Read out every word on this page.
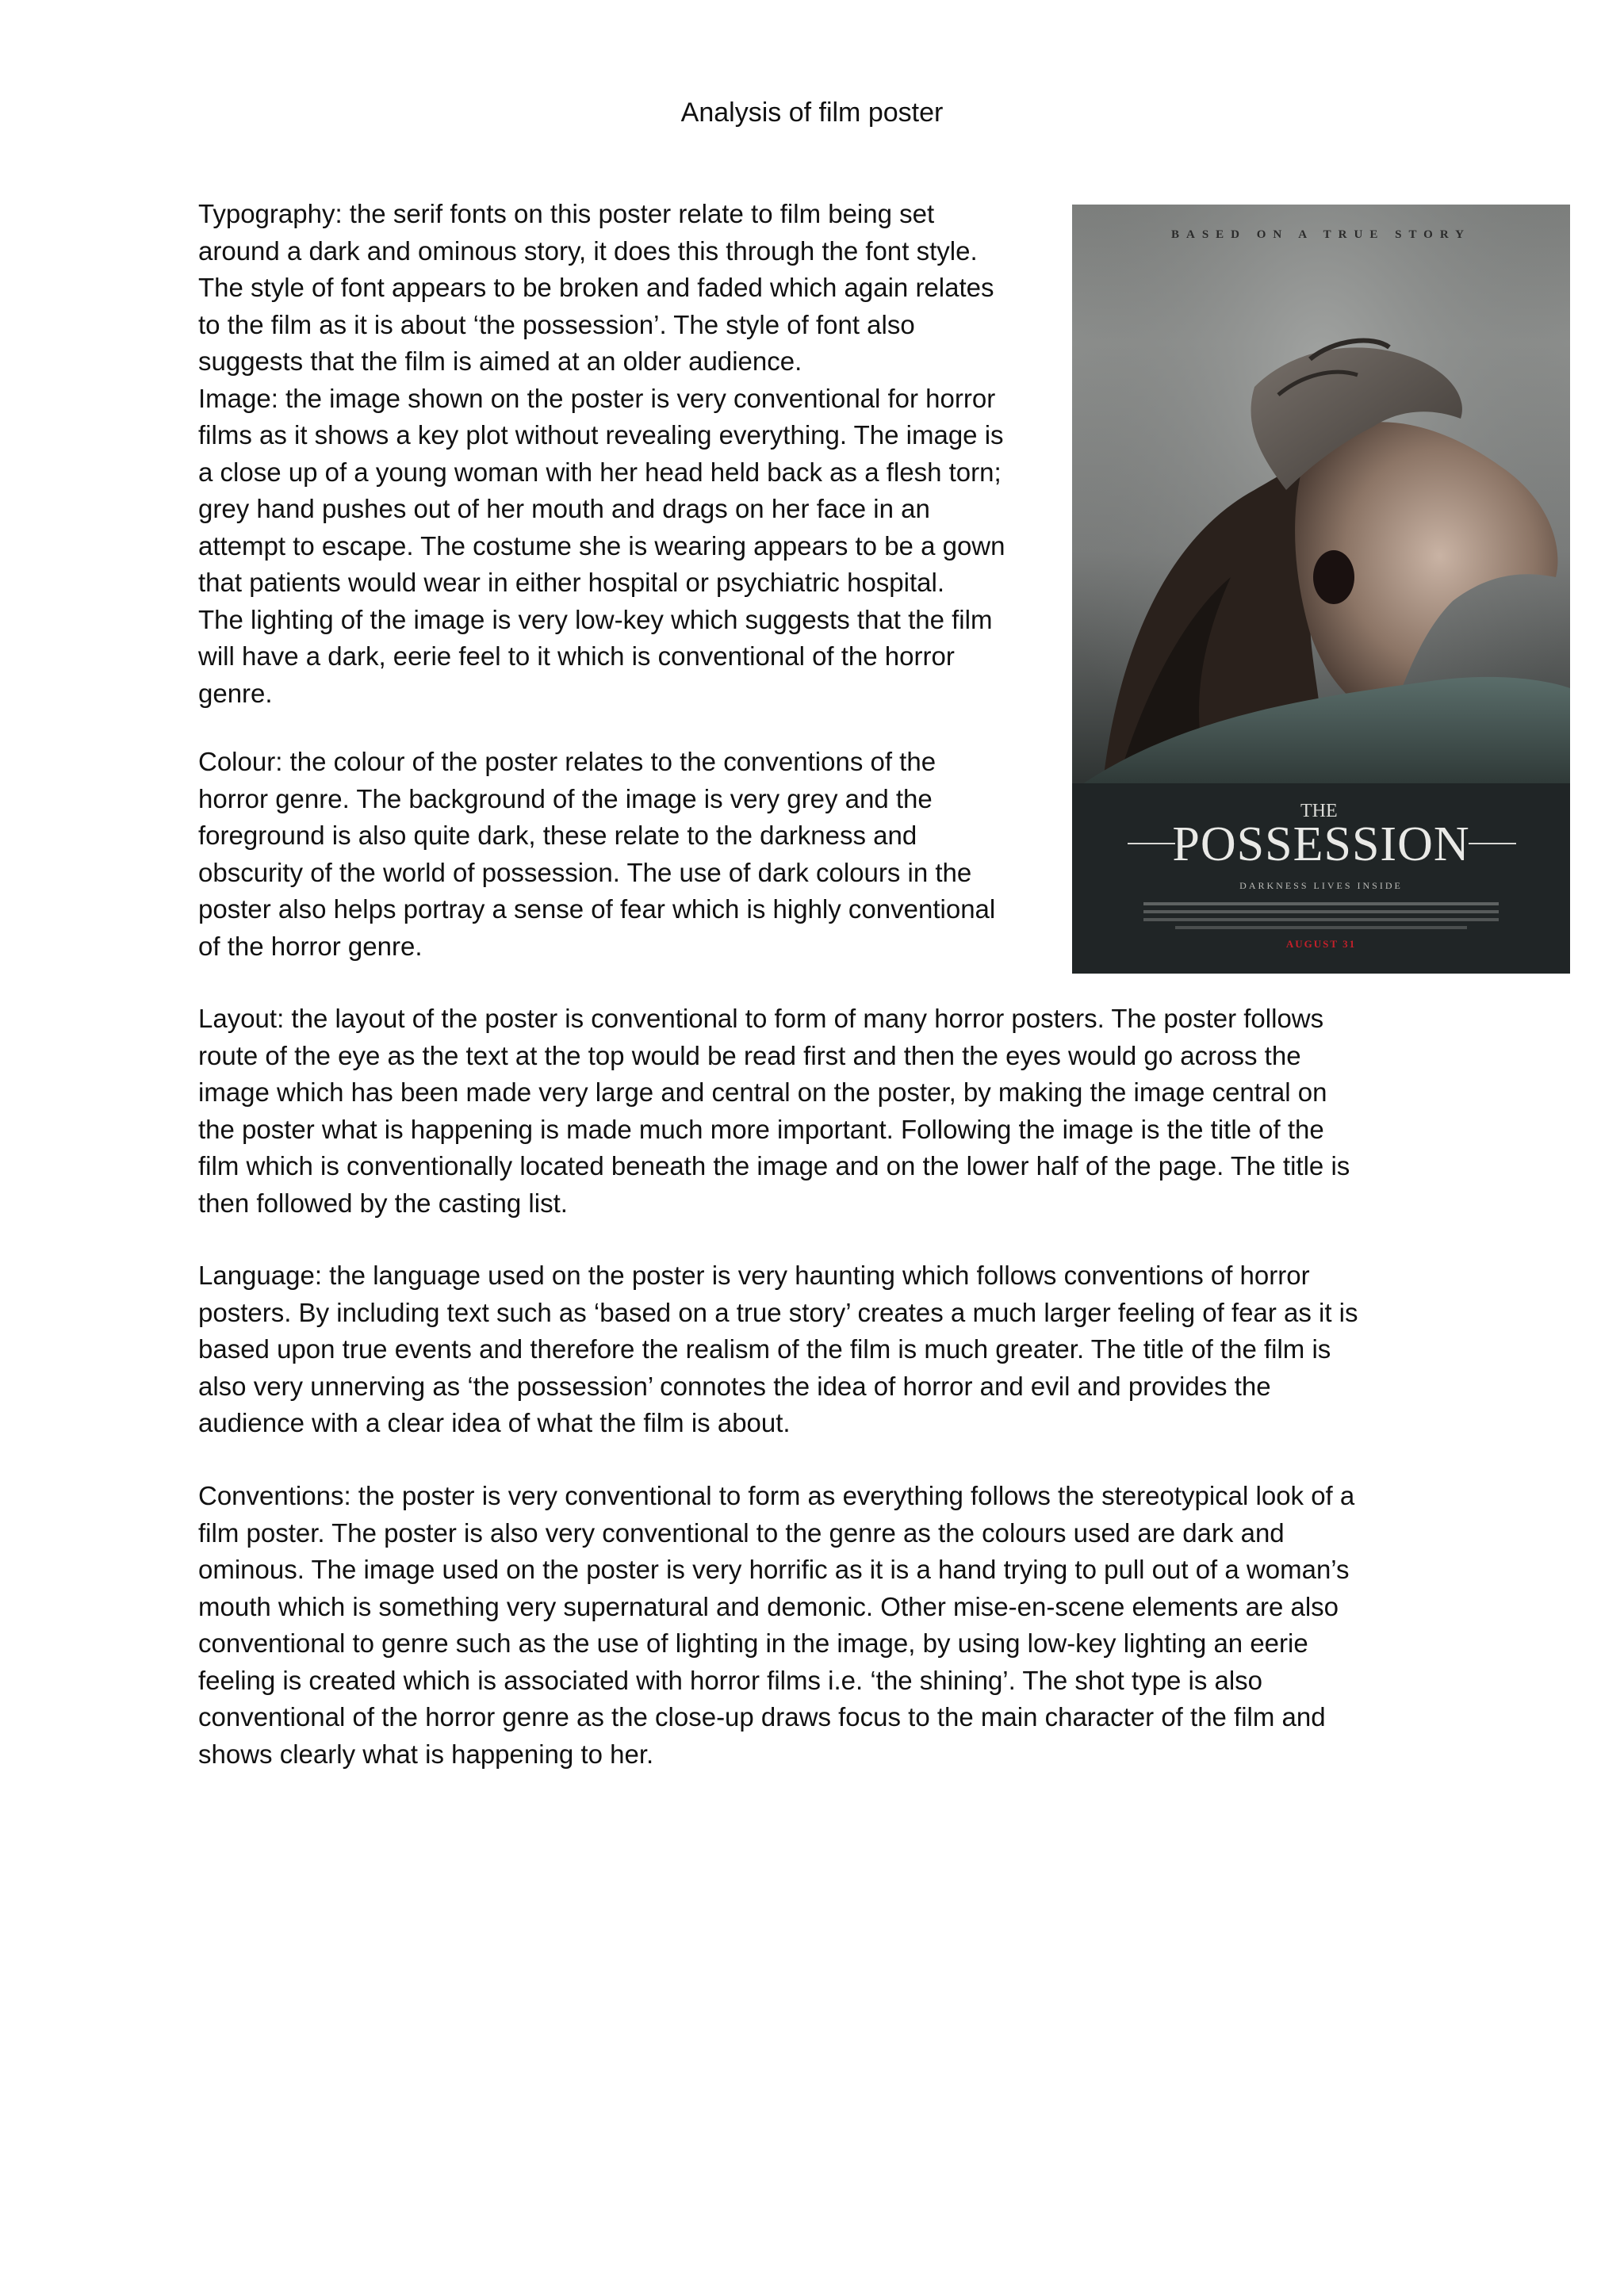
Analysis of film poster
Typography: the serif fonts on this poster relate to film being set
around a dark and ominous story, it does this through the font style.
The style of font appears to be broken and faded which again relates
to the film as it is about ‘the possession’. The style of font also
suggests that the film is aimed at an older audience.
Image: the image shown on the poster is very conventional for horror
films as it shows a key plot without revealing everything. The image is
a close up of a young woman with her head held back as a flesh torn;
grey hand pushes out of her mouth and drags on her face in an
attempt to escape. The costume she is wearing appears to be a gown
that patients would wear in either hospital or psychiatric hospital.
The lighting of the image is very low-key which suggests that the film
will have a dark, eerie feel to it which is conventional of the horror
genre.
BASED ON A TRUE STORY
THE
POSSESSION
DARKNESS LIVES INSIDE
AUGUST 31
Colour: the colour of the poster relates to the conventions of the
horror genre. The background of the image is very grey and the
foreground is also quite dark, these relate to the darkness and
obscurity of the world of possession. The use of dark colours in the
poster also helps portray a sense of fear which is highly conventional
of the horror genre.
Layout: the layout of the poster is conventional to form of many horror posters. The poster follows
route of the eye as the text at the top would be read first and then the eyes would go across the
image which has been made very large and central on the poster, by making the image central on
the poster what is happening is made much more important. Following the image is the title of the
film which is conventionally located beneath the image and on the lower half of the page. The title is
then followed by the casting list.
Language: the language used on the poster is very haunting which follows conventions of horror
posters. By including text such as ‘based on a true story’ creates a much larger feeling of fear as it is
based upon true events and therefore the realism of the film is much greater. The title of the film is
also very unnerving as ‘the possession’ connotes the idea of horror and evil and provides the
audience with a clear idea of what the film is about.
Conventions: the poster is very conventional to form as everything follows the stereotypical look of a
film poster. The poster is also very conventional to the genre as the colours used are dark and
ominous. The image used on the poster is very horrific as it is a hand trying to pull out of a woman’s
mouth which is something very supernatural and demonic. Other mise-en-scene elements are also
conventional to genre such as the use of lighting in the image, by using low-key lighting an eerie
feeling is created which is associated with horror films i.e. ‘the shining’. The shot type is also
conventional of the horror genre as the close-up draws focus to the main character of the film and
shows clearly what is happening to her.
